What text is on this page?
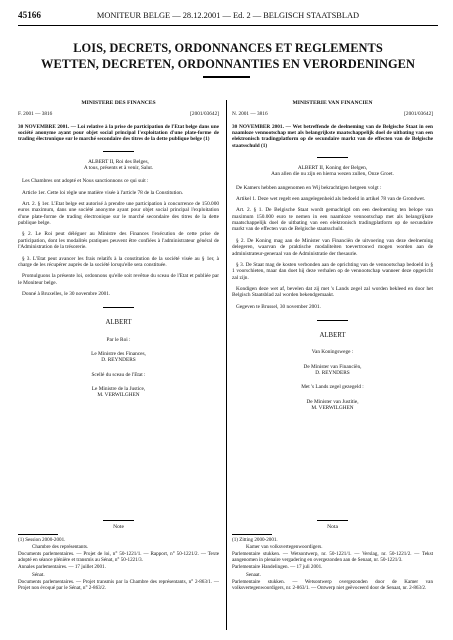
45166	MONITEUR BELGE — 28.12.2001 — Ed. 2 — BELGISCH STAATSBLAD
LOIS, DECRETS, ORDONNANCES ET REGLEMENTS
WETTEN, DECRETEN, ORDONNANTIES EN VERORDENINGEN
MINISTERE DES FINANCES
F. 2001 — 3816	[2001/03642]
30 NOVEMBRE 2001. — Loi relative à la prise de participation de l'Etat belge dans une société anonyme ayant pour objet social principal l'exploitation d'une plate-forme de trading électronique sur le marché secondaire des titres de la dette publique belge (1)
ALBERT II, Roi des Belges,
A tous, présents et à venir, Salut.
Les Chambres ont adopté et Nous sanctionnons ce qui suit :
Article 1er. Cette loi règle une matière visée à l'article 78 de la Constitution.
Art. 2. § 1er. L'Etat belge est autorisé à prendre une participation à concurrence de 150.000 euros maximum, dans une société anonyme ayant pour objet social principal l'exploitation d'une plate-forme de trading électronique sur le marché secondaire des titres de la dette publique belge.
§ 2. Le Roi peut déléguer au Ministre des Finances l'exécution de cette prise de participation, dont les modalités pratiques peuvent être confiées à l'administrateur général de l'Administration de la trésorerie.
§ 3. L'Etat peut avancer les frais relatifs à la constitution de la société visée au § 1er, à charge de les récupérer auprès de la société lorsqu'elle sera constituée.
Promulguons la présente loi, ordonnons qu'elle soit revêtue du sceau de l'Etat et publiée par le Moniteur belge.
Donné à Bruxelles, le 30 novembre 2001.
ALBERT
Par le Roi :
Le Ministre des Finances,
D. REYNDERS
Scellé du sceau de l'Etat :
Le Ministre de la Justice,
M. VERWILGHEN
MINISTERIE VAN FINANCIEN
N. 2001 — 3816	[2001/03642]
30 NOVEMBER 2001. — Wet betreffende de deelneming van de Belgische Staat in een naamloze vennootschap met als belangrijkste maatschappelijk doel de uitbating van een elektronisch tradingplatform op de secundaire markt van de effecten van de Belgische staatsschuld (1)
ALBERT II, Koning der Belgen,
Aan allen die nu zijn en hierna wezen zullen, Onze Groet.
De Kamers hebben aangenomen en Wij bekrachtigen hetgeen volgt :
Artikel 1. Deze wet regelt een aangelegenheid als bedoeld in artikel 78 van de Grondwet.
Art. 2. § 1. De Belgische Staat wordt gemachtigd om een deelneming ten belope van maximum 150.000 euro te nemen in een naamloze vennootschap met als belangrijkste maatschappelijk doel de uitbating van een elektronisch tradingplatform op de secundaire markt van de effecten van de Belgische staatsschuld.
§ 2. De Koning mag aan de Minister van Financiën de uitvoering van deze deelneming delegeren, waarvan de praktische modaliteiten toevertrouwd mogen worden aan de administrateur-generaal van de Administratie der thesaurie.
§ 3. De Staat mag de kosten verbonden aan de oprichting van de vennootschap bedoeld in § 1 voorschieten, maar dan doet hij deze verhalen op de vennootschap wanneer deze opgericht zal zijn.
Kondigen deze wet af, bevelen dat zij met 's Lands zegel zal worden bekleed en door het Belgisch Staatsblad zal worden bekendgemaakt.
Gegeven te Brussel, 30 november 2001.
ALBERT
Van Koningswege :
De Minister van Financiën,
D. REYNDERS
Met 's Lands zegel gezegeld :
De Minister van Justitie,
M. VERWILGHEN
Note
(1) Session 2000-2001.
Chambre des représentants.
Documents parlementaires. — Projet de loi, n° 50-1221/1. — Rapport, n° 50-1221/2. — Texte adopté en séance plénière et transmis au Sénat, n° 50-1221/3.
Annales parlementaires. — 17 juillet 2001.
Sénat.
Documents parlementaires. — Projet transmis par la Chambre des représentants, n° 2-863/1. — Projet non évoqué par le Sénat, n° 2-863/2.
Nota
(1) Zitting 2000-2001.
Kamer van volksvertegenwoordigers.
Parlementaire stukken. — Wetsontwerp, nr. 50-1221/1. — Verslag, nr. 50-1221/2. — Tekst aangenomen in plenaire vergadering en overgezonden aan de Senaat, nr. 50-1221/3.
Parlementaire Handelingen. — 17 juli 2001.
Senaat.
Parlementaire stukken. — Wetsontwerp overgezonden door de Kamer van volksvertegenwoordigers, nr. 2-863/1. — Ontwerp niet geëvoceerd door de Senaat, nr. 2-863/2.
